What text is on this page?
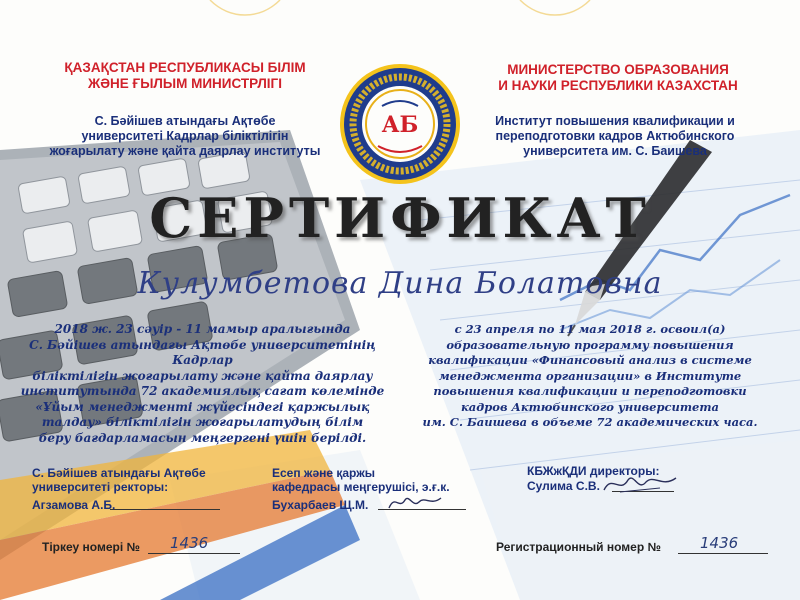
АБ

ҚАЗАҚСТАН РЕСПУБЛИКАСЫ БІЛІМ
ЖӘНЕ ҒЫЛЫМ МИНИСТРЛІГІ

С. Бәйішев атындағы Ақтөбе
университеті Кадрлар біліктілігін
жоғарылату және қайта даярлау институты

МИНИСТЕРСТВО ОБРАЗОВАНИЯ
И НАУКИ РЕСПУБЛИКИ КАЗАХСТАН

Институт повышения квалификации и
переподготовки кадров Актюбинского
университета им. С. Баишева

СЕРТИФИКАТ

Кулумбетова Дина Болатовна

2018 ж. 23 сәуір - 11 мамыр аралығында
С. Бәйішев атындағы Ақтөбе университетінің Кадрлар
біліктілігін жоғарылату және қайта даярлау
институтында 72 академиялық сағат көлемінде
«Ұйым менеджменті жүйесіндегі қаржылық
талдау» біліктілігін жоғарылатудың білім
беру бағдарламасын меңгергені үшін берілді.
с 23 апреля по 11 мая 2018 г. освоил(а)
образовательную программу повышения
квалификации «Финансовый анализ в системе
менеджмента организации» в Институте
повышения квалификации и переподготовки
кадров Актюбинского университета
им. С. Баишева в объеме 72 академических часа.

С. Бәйішев атындағы Ақтөбе
университеті ректоры:

Агзамова А.Б.

Есеп және қаржы
кафедрасы меңгерушісі, э.ғ.к.

Бухарбаев Щ.М.

КБЖжҚДИ директоры:

Сулима С.В.

Тіркеу номері № 1436	Регистрационный номер №	1436
